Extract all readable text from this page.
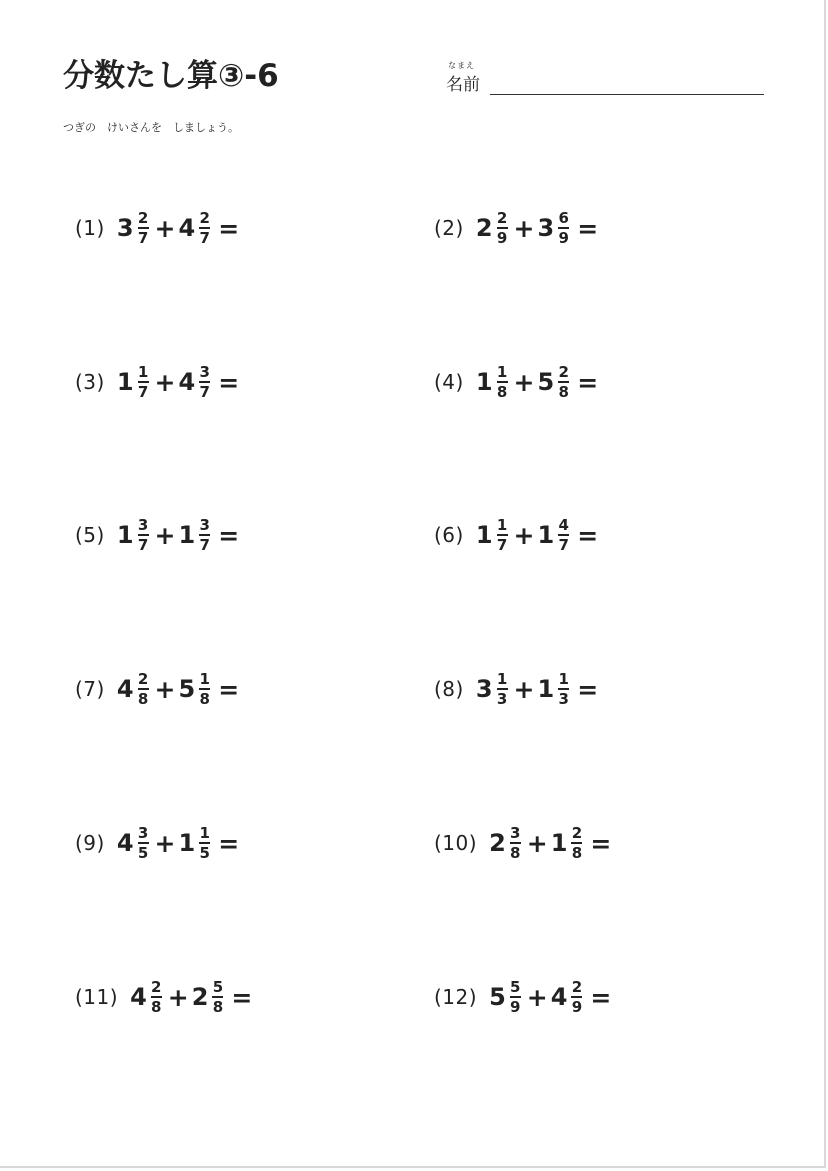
分数たし算③-6	なまえ
名前
つぎの　けいさんを　しましょう。
(1) $3 \frac{2}{7} + 4 \frac{2}{7}$ =	(2) $2 \frac{2}{9} + 3 \frac{6}{9}$ =
(3) $1 \frac{1}{7} + 4 \frac{3}{7}$ =	(4) $1 \frac{1}{8} + 5 \frac{2}{8}$ =
(5) $1 \frac{3}{7} + 1 \frac{3}{7}$ =	(6) $1 \frac{1}{7} + 1 \frac{4}{7}$ =
(7) $4 \frac{2}{8} + 5 \frac{1}{8}$ =	(8) $3 \frac{1}{3} + 1 \frac{1}{3}$ =
(9) $4 \frac{3}{5} + 1 \frac{1}{5}$ =	(10) $2 \frac{3}{8} + 1 \frac{2}{8}$ =
(11) $4 \frac{2}{8} + 2 \frac{5}{8}$ =	(12) $5 \frac{5}{9} + 4 \frac{2}{9}$ =
